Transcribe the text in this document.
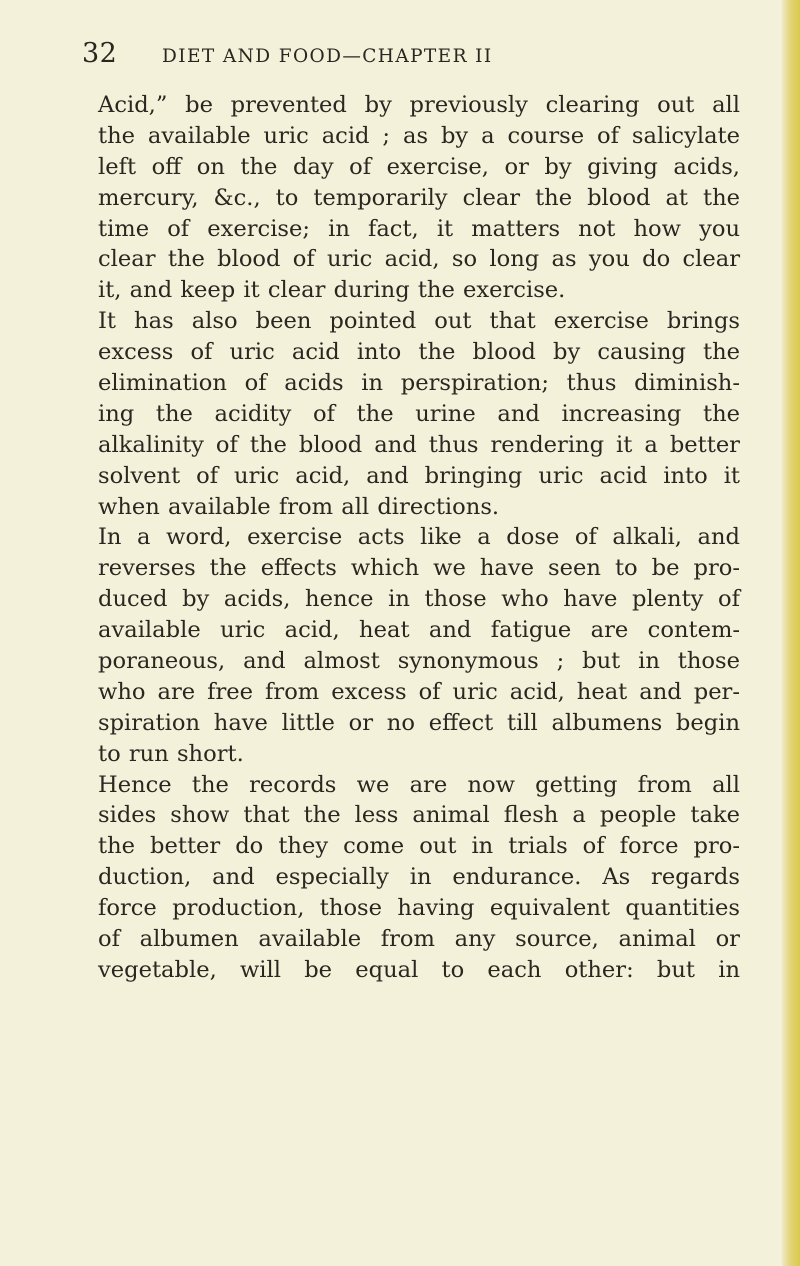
32 DIET AND FOOD—CHAPTER II
Acid,” be prevented by previously clearing out all
the available uric acid ; as by a course of salicylate
left off on the day of exercise, or by giving acids,
mercury, &c., to temporarily clear the blood at the
time of exercise; in fact, it matters not how you
clear the blood of uric acid, so long as you do clear
it, and keep it clear during the exercise.
It has also been pointed out that exercise brings
excess of uric acid into the blood by causing the
elimination of acids in perspiration; thus diminish-
ing the acidity of the urine and increasing the
alkalinity of the blood and thus rendering it a better
solvent of uric acid, and bringing uric acid into it
when available from all directions.
In a word, exercise acts like a dose of alkali, and
reverses the effects which we have seen to be pro-
duced by acids, hence in those who have plenty of
available uric acid, heat and fatigue are contem-
poraneous, and almost synonymous ; but in those
who are free from excess of uric acid, heat and per-
spiration have little or no effect till albumens begin
to run short.
Hence the records we are now getting from all
sides show that the less animal flesh a people take
the better do they come out in trials of force pro-
duction, and especially in endurance. As regards
force production, those having equivalent quantities
of albumen available from any source, animal or
vegetable, will be equal to each other: but in
